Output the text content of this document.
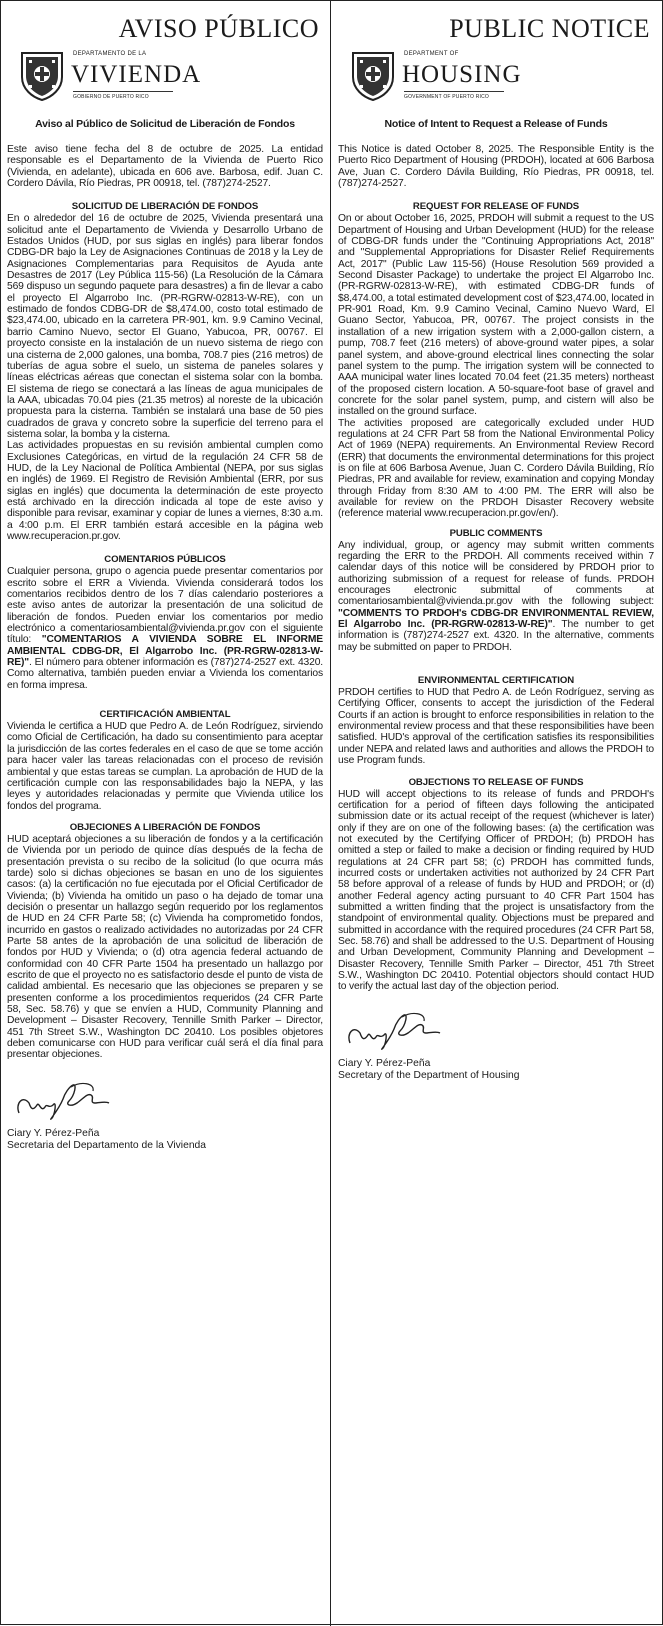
AVISO PÚBLICO
DEPARTAMENTO DE LA
VIVIENDA
GOBIERNO DE PUERTO RICO
Aviso al Público de Solicitud de Liberación de Fondos
Este aviso tiene fecha del 8 de octubre de 2025. La entidad responsable es el Departamento de la Vivienda de Puerto Rico (Vivienda, en adelante), ubicada en 606 ave. Barbosa, edif. Juan C. Cordero Dávila, Río Piedras, PR 00918, tel. (787)274-2527.
SOLICITUD DE LIBERACIÓN DE FONDOS
En o alrededor del 16 de octubre de 2025, Vivienda presentará una solicitud ante el Departamento de Vivienda y Desarrollo Urbano de Estados Unidos (HUD, por sus siglas en inglés) para liberar fondos CDBG-DR bajo la Ley de Asignaciones Continuas de 2018 y la Ley de Asignaciones Complementarias para Requisitos de Ayuda ante Desastres de 2017 (Ley Pública 115-56) (La Resolución de la Cámara 569 dispuso un segundo paquete para desastres) a fin de llevar a cabo el proyecto El Algarrobo Inc. (PR-RGRW-02813-W-RE), con un estimado de fondos CDBG-DR de $8,474.00, costo total estimado de $23,474.00, ubicado en la carretera PR-901, km. 9.9 Camino Vecinal, barrio Camino Nuevo, sector El Guano, Yabucoa, PR, 00767. El proyecto consiste en la instalación de un nuevo sistema de riego con una cisterna de 2,000 galones, una bomba, 708.7 pies (216 metros) de tuberías de agua sobre el suelo, un sistema de paneles solares y líneas eléctricas aéreas que conectan el sistema solar con la bomba. El sistema de riego se conectará a las líneas de agua municipales de la AAA, ubicadas 70.04 pies (21.35 metros) al noreste de la ubicación propuesta para la cisterna. También se instalará una base de 50 pies cuadrados de grava y concreto sobre la superficie del terreno para el sistema solar, la bomba y la cisterna.
Las actividades propuestas en su revisión ambiental cumplen como Exclusiones Categóricas, en virtud de la regulación 24 CFR 58 de HUD, de la Ley Nacional de Política Ambiental (NEPA, por sus siglas en inglés) de 1969. El Registro de Revisión Ambiental (ERR, por sus siglas en inglés) que documenta la determinación de este proyecto está archivado en la dirección indicada al tope de este aviso y disponible para revisar, examinar y copiar de lunes a viernes, 8:30 a.m. a 4:00 p.m. El ERR también estará accesible en la página web www.recuperacion.pr.gov.
COMENTARIOS PÚBLICOS
Cualquier persona, grupo o agencia puede presentar comentarios por escrito sobre el ERR a Vivienda. Vivienda considerará todos los comentarios recibidos dentro de los 7 días calendario posteriores a este aviso antes de autorizar la presentación de una solicitud de liberación de fondos. Pueden enviar los comentarios por medio electrónico a comentariosambiental@vivienda.pr.gov con el siguiente título: "COMENTARIOS A VIVIENDA SOBRE EL INFORME AMBIENTAL CDBG-DR, El Algarrobo Inc. (PR-RGRW-02813-W-RE)". El número para obtener información es (787)274-2527 ext. 4320. Como alternativa, también pueden enviar a Vivienda los comentarios en forma impresa.
CERTIFICACIÓN AMBIENTAL
Vivienda le certifica a HUD que Pedro A. de León Rodríguez, sirviendo como Oficial de Certificación, ha dado su consentimiento para aceptar la jurisdicción de las cortes federales en el caso de que se tome acción para hacer valer las tareas relacionadas con el proceso de revisión ambiental y que estas tareas se cumplan. La aprobación de HUD de la certificación cumple con las responsabilidades bajo la NEPA, y las leyes y autoridades relacionadas y permite que Vivienda utilice los fondos del programa.
OBJECIONES A LIBERACIÓN DE FONDOS
HUD aceptará objeciones a su liberación de fondos y a la certificación de Vivienda por un periodo de quince días después de la fecha de presentación prevista o su recibo de la solicitud (lo que ocurra más tarde) solo si dichas objeciones se basan en uno de los siguientes casos: (a) la certificación no fue ejecutada por el Oficial Certificador de Vivienda; (b) Vivienda ha omitido un paso o ha dejado de tomar una decisión o presentar un hallazgo según requerido por los reglamentos de HUD en 24 CFR Parte 58; (c) Vivienda ha comprometido fondos, incurrido en gastos o realizado actividades no autorizadas por 24 CFR Parte 58 antes de la aprobación de una solicitud de liberación de fondos por HUD y Vivienda; o (d) otra agencia federal actuando de conformidad con 40 CFR Parte 1504 ha presentado un hallazgo por escrito de que el proyecto no es satisfactorio desde el punto de vista de calidad ambiental. Es necesario que las objeciones se preparen y se presenten conforme a los procedimientos requeridos (24 CFR Parte 58, Sec. 58.76) y que se envíen a HUD, Community Planning and Development – Disaster Recovery, Tennille Smith Parker – Director, 451 7th Street S.W., Washington DC 20410. Los posibles objetores deben comunicarse con HUD para verificar cuál será el día final para presentar objeciones.
Ciary Y. Pérez-Peña
Secretaria del Departamento de la Vivienda
PUBLIC NOTICE
DEPARTMENT OF
HOUSING
GOVERNMENT OF PUERTO RICO
Notice of Intent to Request a Release of Funds
This Notice is dated October 8, 2025. The Responsible Entity is the Puerto Rico Department of Housing (PRDOH), located at 606 Barbosa Ave, Juan C. Cordero Dávila Building, Río Piedras, PR 00918, tel. (787)274-2527.
REQUEST FOR RELEASE OF FUNDS
On or about October 16, 2025, PRDOH will submit a request to the US Department of Housing and Urban Development (HUD) for the release of CDBG-DR funds under the "Continuing Appropriations Act, 2018" and "Supplemental Appropriations for Disaster Relief Requirements Act, 2017" (Public Law 115-56) (House Resolution 569 provided a Second Disaster Package) to undertake the project El Algarrobo Inc. (PR-RGRW-02813-W-RE), with estimated CDBG-DR funds of $8,474.00, a total estimated development cost of $23,474.00, located in PR-901 Road, Km. 9.9 Camino Vecinal, Camino Nuevo Ward, El Guano Sector, Yabucoa, PR, 00767. The project consists in the installation of a new irrigation system with a 2,000-gallon cistern, a pump, 708.7 feet (216 meters) of above-ground water pipes, a solar panel system, and above-ground electrical lines connecting the solar panel system to the pump. The irrigation system will be connected to AAA municipal water lines located 70.04 feet (21.35 meters) northeast of the proposed cistern location. A 50-square-foot base of gravel and concrete for the solar panel system, pump, and cistern will also be installed on the ground surface.
The activities proposed are categorically excluded under HUD regulations at 24 CFR Part 58 from the National Environmental Policy Act of 1969 (NEPA) requirements. An Environmental Review Record (ERR) that documents the environmental determinations for this project is on file at 606 Barbosa Avenue, Juan C. Cordero Dávila Building, Río Piedras, PR and available for review, examination and copying Monday through Friday from 8:30 AM to 4:00 PM. The ERR will also be available for review on the PRDOH Disaster Recovery website (reference material www.recuperacion.pr.gov/en/).
PUBLIC COMMENTS
Any individual, group, or agency may submit written comments regarding the ERR to the PRDOH. All comments received within 7 calendar days of this notice will be considered by PRDOH prior to authorizing submission of a request for release of funds. PRDOH encourages electronic submittal of comments at comentariosambiental@vivienda.pr.gov with the following subject: "COMMENTS TO PRDOH's CDBG-DR ENVIRONMENTAL REVIEW, El Algarrobo Inc. (PR-RGRW-02813-W-RE)". The number to get information is (787)274-2527 ext. 4320. In the alternative, comments may be submitted on paper to PRDOH.
ENVIRONMENTAL CERTIFICATION
PRDOH certifies to HUD that Pedro A. de León Rodríguez, serving as Certifying Officer, consents to accept the jurisdiction of the Federal Courts if an action is brought to enforce responsibilities in relation to the environmental review process and that these responsibilities have been satisfied. HUD's approval of the certification satisfies its responsibilities under NEPA and related laws and authorities and allows the PRDOH to use Program funds.
OBJECTIONS TO RELEASE OF FUNDS
HUD will accept objections to its release of funds and PRDOH's certification for a period of fifteen days following the anticipated submission date or its actual receipt of the request (whichever is later) only if they are on one of the following bases: (a) the certification was not executed by the Certifying Officer of PRDOH; (b) PRDOH has omitted a step or failed to make a decision or finding required by HUD regulations at 24 CFR part 58; (c) PRDOH has committed funds, incurred costs or undertaken activities not authorized by 24 CFR Part 58 before approval of a release of funds by HUD and PRDOH; or (d) another Federal agency acting pursuant to 40 CFR Part 1504 has submitted a written finding that the project is unsatisfactory from the standpoint of environmental quality. Objections must be prepared and submitted in accordance with the required procedures (24 CFR Part 58, Sec. 58.76) and shall be addressed to the U.S. Department of Housing and Urban Development, Community Planning and Development – Disaster Recovery, Tennille Smith Parker – Director, 451 7th Street S.W., Washington DC 20410. Potential objectors should contact HUD to verify the actual last day of the objection period.
Ciary Y. Pérez-Peña
Secretary of the Department of Housing
